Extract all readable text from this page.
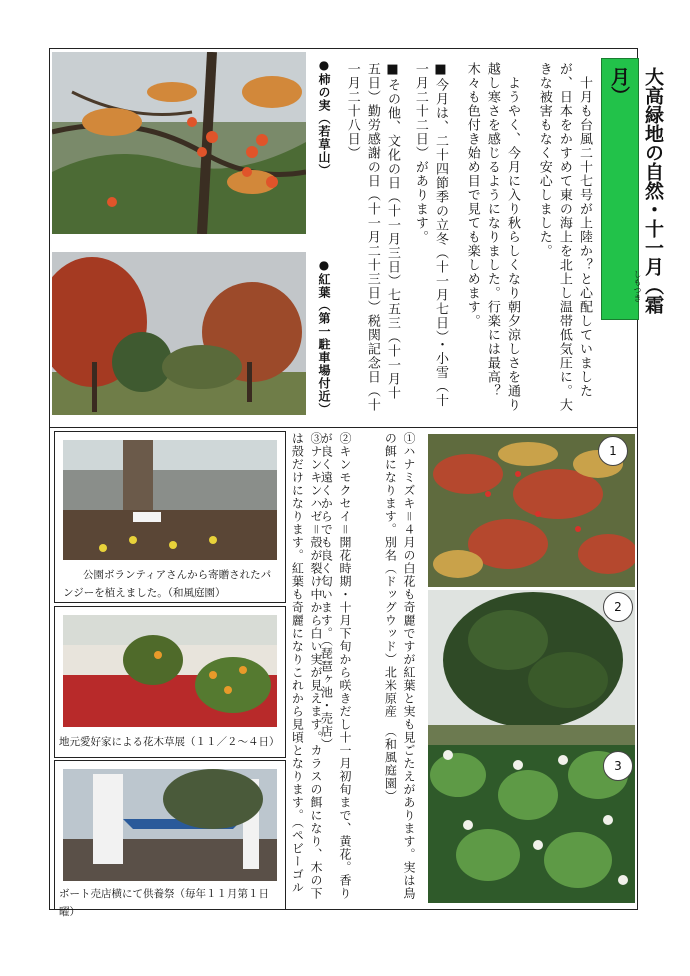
大高緑地の自然・十一月（霜月）
しもつき
　十月も台風二十七号が上陸か？と心配していましたが、日本をかすめて東の海上を北上し温帯低気圧に。大きな被害もなく安心しました。
　ようやく、今月に入り秋らしくなり朝夕涼しさを通り越し寒さを感じるようになりました。行楽には最高？　木々も色付き始め目で見ても楽しめます。
■今月は、二十四節季の立冬（十一月七日）・小雪（十一月二十二日）があります。
■その他、文化の日（十一月三日）七五三（十一月十五日）勤労感謝の日（十一月二十三日）税関記念日（十一月二十八日）
●柿の実（若草山）
●紅葉（第一駐車場付近）
1
2
3
①ハナミズキ＝４月の白花も奇麗ですが紅葉と実も見ごたえがあります。実は鳥の餌になります。別名（ドッグウッド）北米原産　（和風庭園）
②キンモクセイ＝開花時期・十月下旬から咲きだし十一月初旬まで、黄花。香りが良く遠くからでも良く匂います。（琵琶ヶ池・売店）
③ナンキンハゼ＝殻が裂け中から白い実が見えます。カラスの餌になり、木の下は殻だけになります。紅葉も奇麗になりこれから見頃となります。（ペビーゴル
公園ボランティアさんから寄贈されたパンジーを植えました。（和風庭園）
地元愛好家による花木草展（１１／２～４日）
ボート売店横にて供養祭（毎年１１月第１日曜）
